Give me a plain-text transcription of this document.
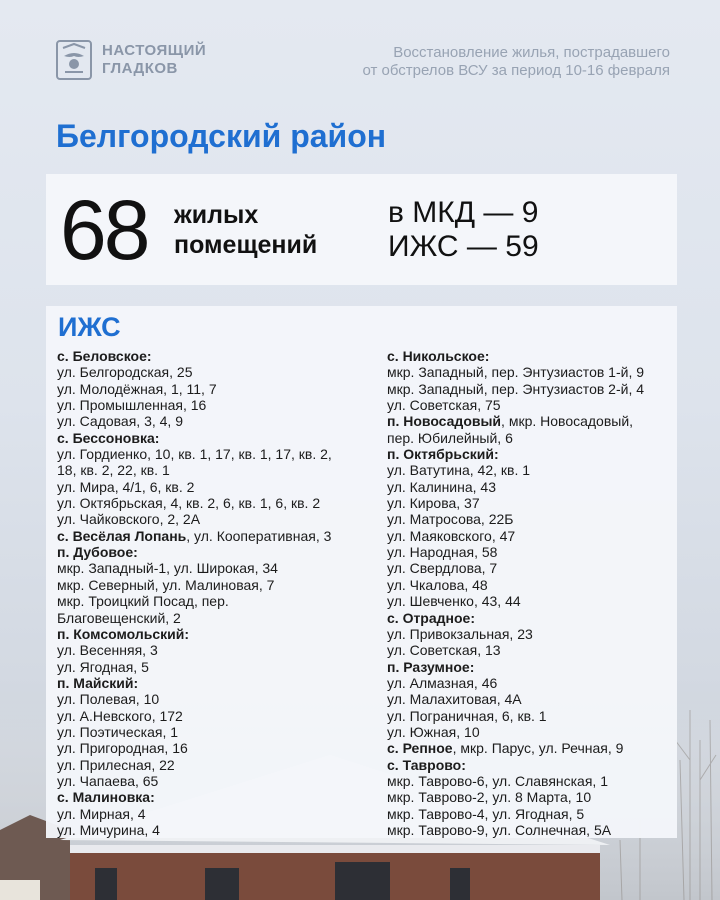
НАСТОЯЩИЙ
ГЛАДКОВ
Восстановление жилья, пострадавшего
от обстрелов ВСУ за период 10-16 февраля
Белгородский район
68 жилых
помещений
в МКД — 9
ИЖС — 59
ИЖС
с. Беловское:
ул. Белгородская, 25
ул. Молодёжная, 1, 11, 7
ул. Промышленная, 16
ул. Садовая, 3, 4, 9
с. Бессоновка:
ул. Гордиенко, 10, кв. 1, 17, кв. 1, 17, кв. 2,
18, кв. 2, 22, кв. 1
ул. Мира, 4/1, 6, кв. 2
ул. Октябрьская, 4, кв. 2, 6, кв. 1, 6, кв. 2
ул. Чайковского, 2, 2А
с. Весёлая Лопань, ул. Кооперативная, 3
п. Дубовое:
мкр. Западный-1, ул. Широкая, 34
мкр. Северный, ул. Малиновая, 7
мкр. Троицкий Посад, пер.
Благовещенский, 2
п. Комсомольский:
ул. Весенняя, 3
ул. Ягодная, 5
п. Майский:
ул. Полевая, 10
ул. А.Невского, 172
ул. Поэтическая, 1
ул. Пригородная, 16
ул. Прилесная, 22
ул. Чапаева, 65
с. Малиновка:
ул. Мирная, 4
ул. Мичурина, 4
с. Никольское:
мкр. Западный, пер. Энтузиастов 1-й, 9
мкр. Западный, пер. Энтузиастов 2-й, 4
ул. Советская, 75
п. Новосадовый, мкр. Новосадовый,
пер. Юбилейный, 6
п. Октябрьский:
ул. Ватутина, 42, кв. 1
ул. Калинина, 43
ул. Кирова, 37
ул. Матросова, 22Б
ул. Маяковского, 47
ул. Народная, 58
ул. Свердлова, 7
ул. Чкалова, 48
ул. Шевченко, 43, 44
с. Отрадное:
ул. Привокзальная, 23
ул. Советская, 13
п. Разумное:
ул. Алмазная, 46
ул. Малахитовая, 4А
ул. Пограничная, 6, кв. 1
ул. Южная, 10
с. Репное, мкр. Парус, ул. Речная, 9
с. Таврово:
мкр. Таврово-6, ул. Славянская, 1
мкр. Таврово-2, ул. 8 Марта, 10
мкр. Таврово-4, ул. Ягодная, 5
мкр. Таврово-9, ул. Солнечная, 5А
